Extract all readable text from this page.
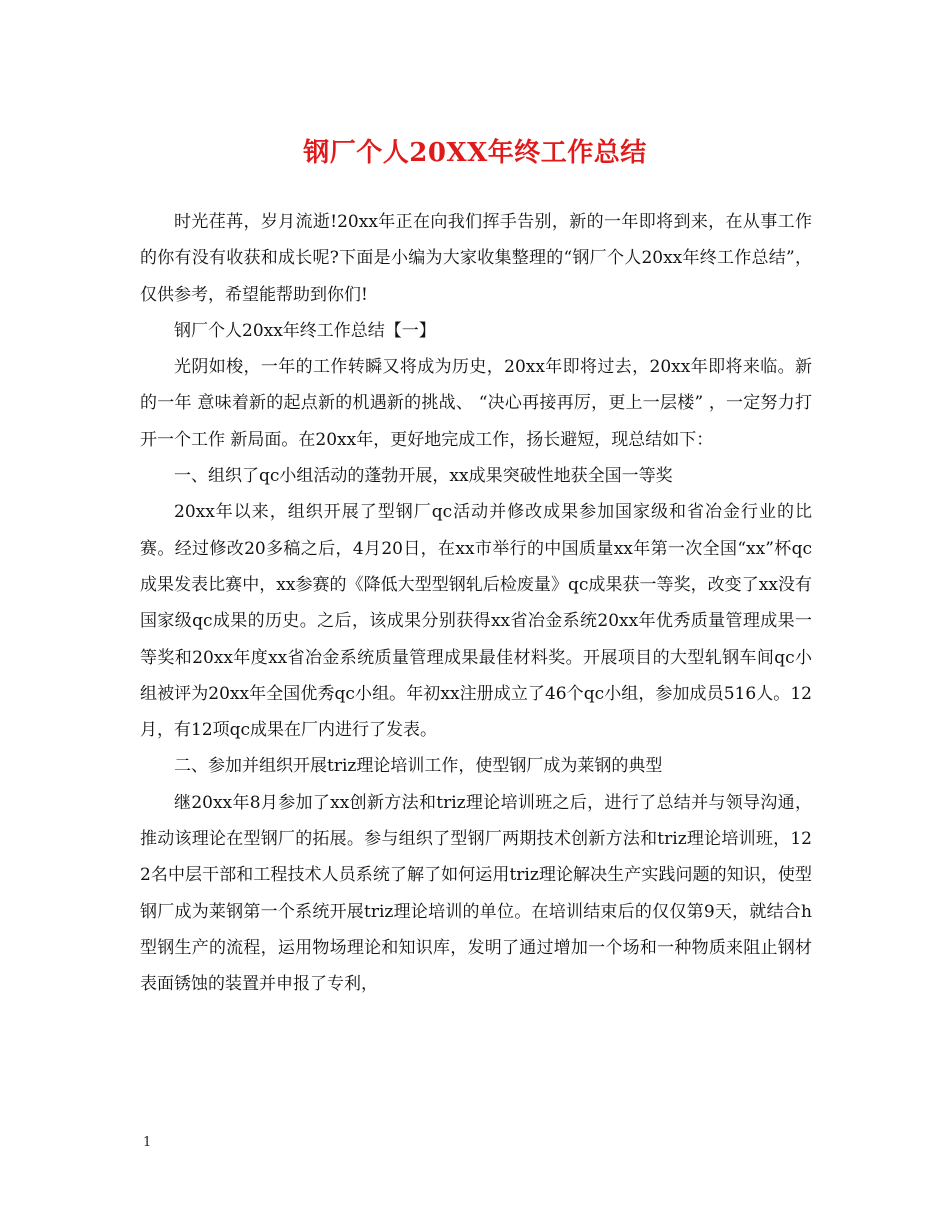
钢厂个人20XX年终工作总结

时光荏苒，岁月流逝!20xx年正在向我们挥手告别，新的一年即将到来，在从事工作的你有没有收获和成长呢?下面是小编为大家收集整理的“钢厂个人20xx年终工作总结”，仅供参考，希望能帮助到你们!

钢厂个人20xx年终工作总结【一】

光阴如梭，一年的工作转瞬又将成为历史，20xx年即将过去，20xx年即将来临。新的一年 意味着新的起点新的机遇新的挑战、 “决心再接再厉，更上一层楼” ，一定努力打开一个工作 新局面。在20xx年，更好地完成工作，扬长避短，现总结如下：

一、组织了qc小组活动的蓬勃开展，xx成果突破性地获全国一等奖

20xx年以来，组织开展了型钢厂qc活动并修改成果参加国家级和省冶金行业的比赛。经过修改20多稿之后，4月20日，在xx市举行的中国质量xx年第一次全国“xx”杯qc成果发表比赛中，xx参赛的《降低大型型钢轧后检废量》qc成果获一等奖，改变了xx没有国家级qc成果的历史。之后，该成果分别获得xx省冶金系统20xx年优秀质量管理成果一等奖和20xx年度xx省冶金系统质量管理成果最佳材料奖。开展项目的大型轧钢车间qc小组被评为20xx年全国优秀qc小组。年初xx注册成立了46个qc小组，参加成员516人。12月，有12项qc成果在厂内进行了发表。

二、参加并组织开展triz理论培训工作，使型钢厂成为莱钢的典型

继20xx年8月参加了xx创新方法和triz理论培训班之后，进行了总结并与领导沟通，推动该理论在型钢厂的拓展。参与组织了型钢厂两期技术创新方法和triz理论培训班，122名中层干部和工程技术人员系统了解了如何运用triz理论解决生产实践问题的知识，使型钢厂成为莱钢第一个系统开展triz理论培训的单位。在培训结束后的仅仅第9天，就结合h型钢生产的流程，运用物场理论和知识库，发明了通过增加一个场和一种物质来阻止钢材表面锈蚀的装置并申报了专利，

1
